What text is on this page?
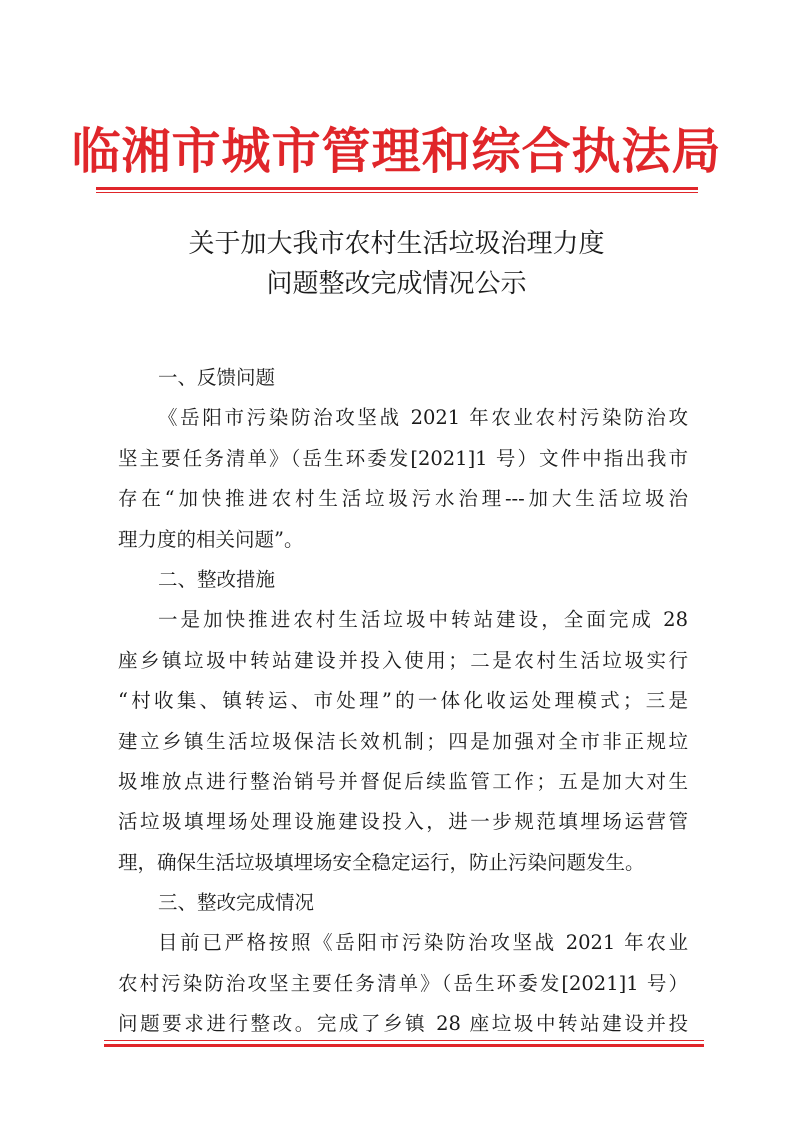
临湘市城市管理和综合执法局
关于加大我市农村生活垃圾治理力度
问题整改完成情况公示
一、反馈问题
《岳阳市污染防治攻坚战 2021 年农业农村污染防治攻
坚主要任务清单》（岳生环委发[2021]1 号）文件中指出我市
存在“加快推进农村生活垃圾污水治理---加大生活垃圾治
理力度的相关问题”。
二、整改措施
一是加快推进农村生活垃圾中转站建设，全面完成 28
座乡镇垃圾中转站建设并投入使用；二是农村生活垃圾实行
“村收集、镇转运、市处理”的一体化收运处理模式；三是
建立乡镇生活垃圾保洁长效机制；四是加强对全市非正规垃
圾堆放点进行整治销号并督促后续监管工作；五是加大对生
活垃圾填埋场处理设施建设投入，进一步规范填埋场运营管
理，确保生活垃圾填埋场安全稳定运行，防止污染问题发生。
三、整改完成情况
目前已严格按照《岳阳市污染防治攻坚战 2021 年农业
农村污染防治攻坚主要任务清单》（岳生环委发[2021]1 号）
问题要求进行整改。完成了乡镇 28 座垃圾中转站建设并投
